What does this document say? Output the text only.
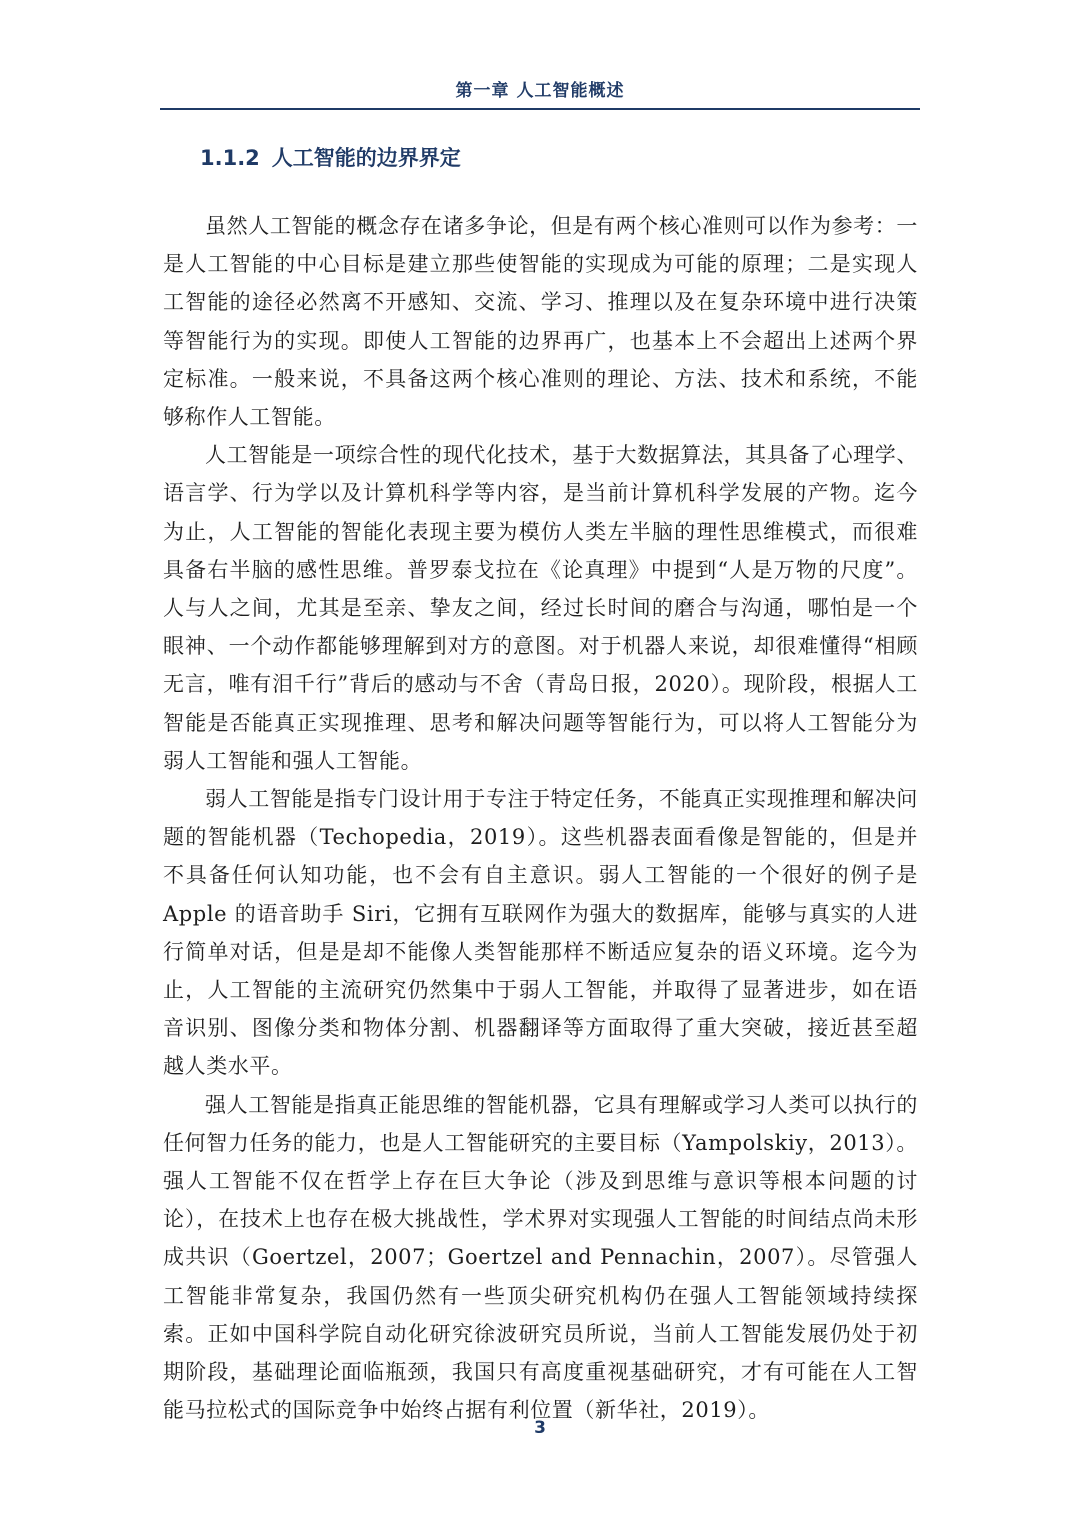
第一章 人工智能概述
1.1.2 人工智能的边界界定

虽然人工智能的概念存在诸多争论，但是有两个核心准则可以作为参考：一是人工智能的中心目标是建立那些使智能的实现成为可能的原理；二是实现人工智能的途径必然离不开感知、交流、学习、推理以及在复杂环境中进行决策等智能行为的实现。即使人工智能的边界再广，也基本上不会超出上述两个界定标准。一般来说，不具备这两个核心准则的理论、方法、技术和系统，不能够称作人工智能。

人工智能是一项综合性的现代化技术，基于大数据算法，其具备了心理学、语言学、行为学以及计算机科学等内容，是当前计算机科学发展的产物。迄今为止，人工智能的智能化表现主要为模仿人类左半脑的理性思维模式，而很难具备右半脑的感性思维。普罗泰戈拉在《论真理》中提到“人是万物的尺度”。人与人之间，尤其是至亲、挚友之间，经过长时间的磨合与沟通，哪怕是一个眼神、一个动作都能够理解到对方的意图。对于机器人来说，却很难懂得“相顾无言，唯有泪千行”背后的感动与不舍（青岛日报，2020）。现阶段，根据人工智能是否能真正实现推理、思考和解决问题等智能行为，可以将人工智能分为弱人工智能和强人工智能。

弱人工智能是指专门设计用于专注于特定任务，不能真正实现推理和解决问题的智能机器（Techopedia，2019）。这些机器表面看像是智能的，但是并不具备任何认知功能，也不会有自主意识。弱人工智能的一个很好的例子是 Apple 的语音助手 Siri，它拥有互联网作为强大的数据库，能够与真实的人进行简单对话，但是是却不能像人类智能那样不断适应复杂的语义环境。迄今为止，人工智能的主流研究仍然集中于弱人工智能，并取得了显著进步，如在语音识别、图像分类和物体分割、机器翻译等方面取得了重大突破，接近甚至超越人类水平。

强人工智能是指真正能思维的智能机器，它具有理解或学习人类可以执行的任何智力任务的能力，也是人工智能研究的主要目标（Yampolskiy，2013）。强人工智能不仅在哲学上存在巨大争论（涉及到思维与意识等根本问题的讨论），在技术上也存在极大挑战性，学术界对实现强人工智能的时间结点尚未形成共识（Goertzel，2007；Goertzel and Pennachin，2007）。尽管强人工智能非常复杂，我国仍然有一些顶尖研究机构仍在强人工智能领域持续探索。正如中国科学院自动化研究徐波研究员所说，当前人工智能发展仍处于初期阶段，基础理论面临瓶颈，我国只有高度重视基础研究，才有可能在人工智能马拉松式的国际竞争中始终占据有利位置（新华社，2019）。

3
